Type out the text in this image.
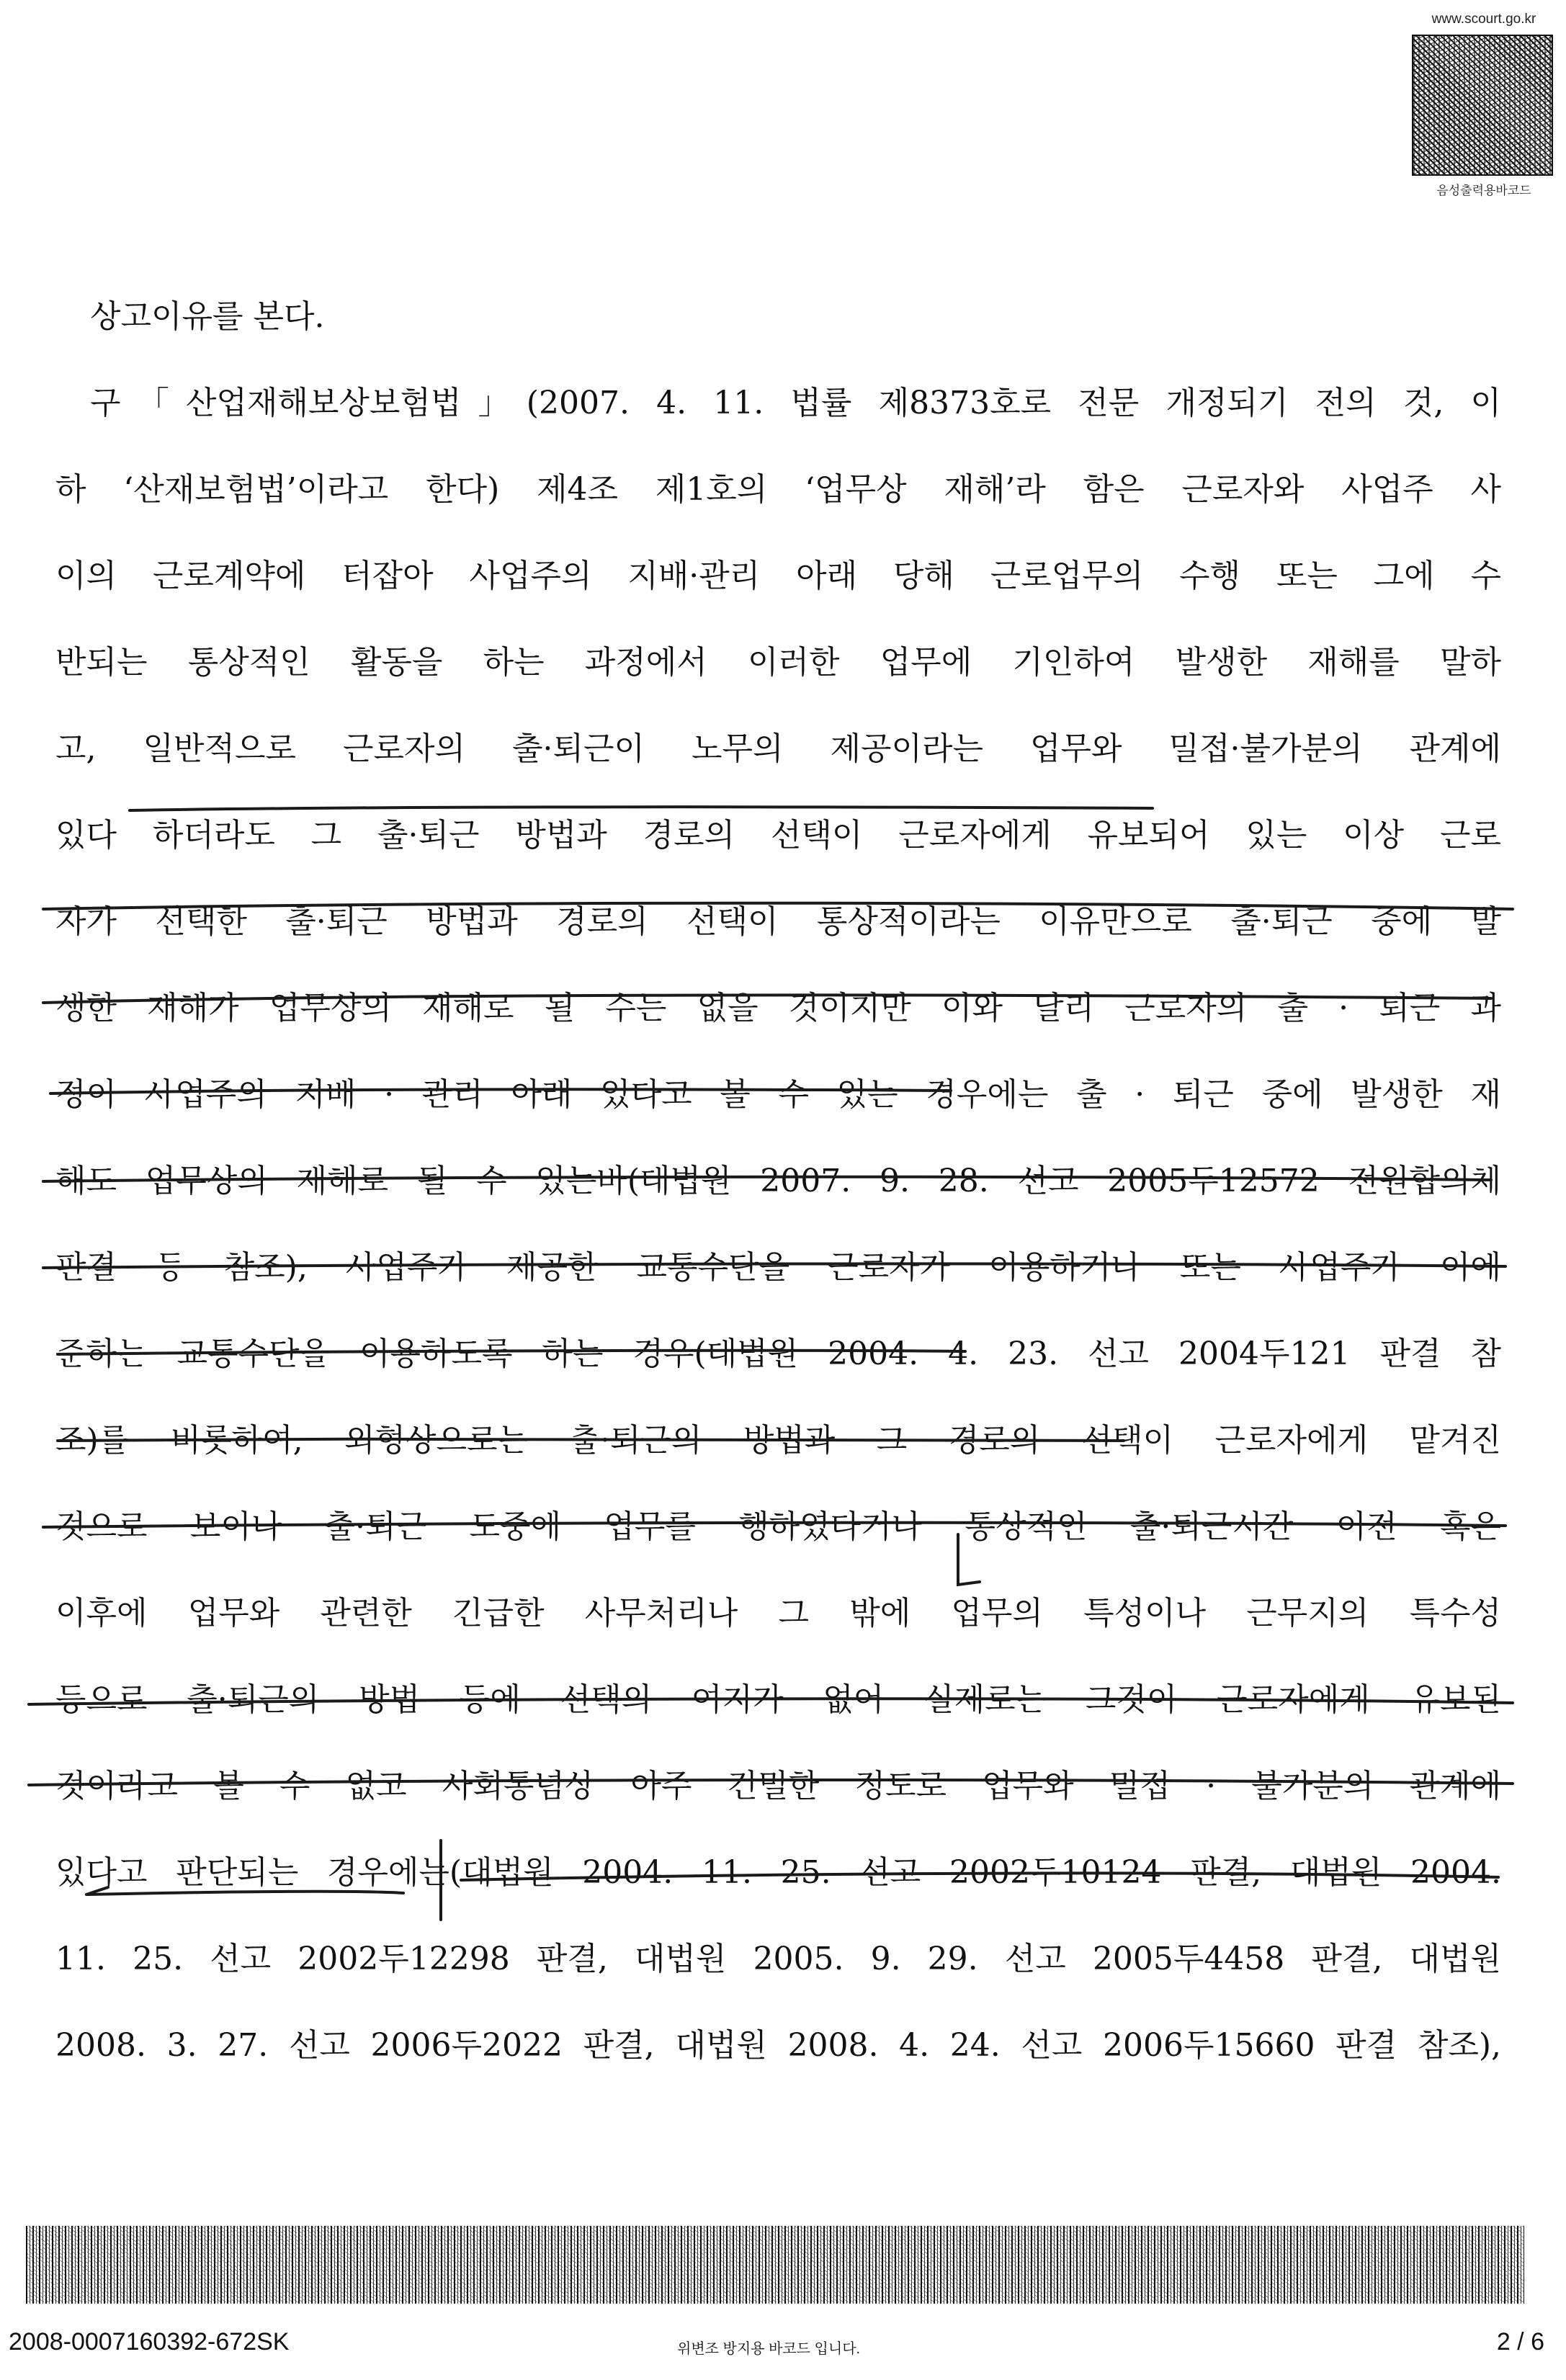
www.scourt.go.kr
음성출력용바코드
상고이유를 본다.
구「산업재해보상보험법」(2007. 4. 11. 법률 제8373호로 전문 개정되기 전의 것, 이
하 ‘산재보험법’이라고 한다) 제4조 제1호의 ‘업무상 재해’라 함은 근로자와 사업주 사
이의 근로계약에 터잡아 사업주의 지배·관리 아래 당해 근로업무의 수행 또는 그에 수
반되는 통상적인 활동을 하는 과정에서 이러한 업무에 기인하여 발생한 재해를 말하
고, 일반적으로 근로자의 출·퇴근이 노무의 제공이라는 업무와 밀접·불가분의 관계에
있다 하더라도 그 출·퇴근 방법과 경로의 선택이 근로자에게 유보되어 있는 이상 근로
자가 선택한 출·퇴근 방법과 경로의 선택이 통상적이라는 이유만으로 출·퇴근 중에 발
생한 재해가 업무상의 재해로 될 수는 없을 것이지만 이와 달리 근로자의 출 · 퇴근 과
정이 사업주의 지배 · 관리 아래 있다고 볼 수 있는 경우에는 출 · 퇴근 중에 발생한 재
해도 업무상의 재해로 될 수 있는바(대법원 2007. 9. 28. 선고 2005두12572 전원합의체
판결 등 참조), 사업주가 제공한 교통수단을 근로자가 이용하거나 또는 사업주가 이에
준하는 교통수단을 이용하도록 하는 경우(대법원 2004. 4. 23. 선고 2004두121 판결 참
조)를 비롯하여, 외형상으로는 출·퇴근의 방법과 그 경로의 선택이 근로자에게 맡겨진
것으로 보이나 출·퇴근 도중에 업무를 행하였다거나 통상적인 출·퇴근시간 이전 혹은
이후에 업무와 관련한 긴급한 사무처리나 그 밖에 업무의 특성이나 근무지의 특수성
등으로 출·퇴근의 방법 등에 선택의 여지가 없어 실제로는 그것이 근로자에게 유보된
것이라고 볼 수 없고 사회통념상 아주 긴밀한 정도로 업무와 밀접 · 불가분의 관계에
있다고 판단되는 경우에는(대법원 2004. 11. 25. 선고 2002두10124 판결, 대법원 2004.
11. 25. 선고 2002두12298 판결, 대법원 2005. 9. 29. 선고 2005두4458 판결, 대법원
2008. 3. 27. 선고 2006두2022 판결, 대법원 2008. 4. 24. 선고 2006두15660 판결 참조),
2008-0007160392-672SK	위변조 방지용 바코드 입니다.	2 / 6
